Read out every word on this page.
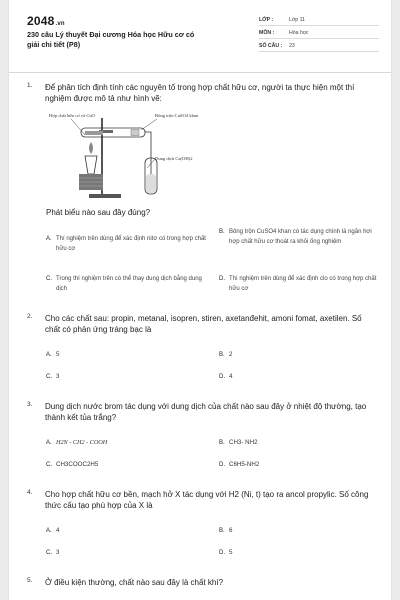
2048.vn
230 câu Lý thuyết Đại cương Hóa học Hữu cơ có giải chi tiết (P8)
LỚP :	Lớp 11
MÔN :	Hóa học
SỐ CÂU :	23
1. Để phân tích định tính các nguyên tố trong hợp chất hữu cơ, người ta thực hiện một thí nghiệm được mô tả như hình vẽ:
Hợp chất hữu cơ và CuO	Bông trộn CuSO4 khan
Dung dịch Ca(OH)2
Phát biểu nào sau đây đúng?
A. Thí nghiệm trên dùng để xác định nitơ có trong hợp chất hữu cơ
B. Bông trộn CuSO4 khan có tác dụng chính là ngăn hơi hợp chất hữu cơ thoát ra khỏi ống nghiệm
C. Trong thí nghiệm trên có thể thay dung dịch bằng dung dịch
D. Thí nghiệm trên dùng để xác định clo có trong hợp chất hữu cơ
2. Cho các chất sau: propin, metanal, isopren, stiren, axetanđehit, amoni fomat, axetilen. Số chất có phản ứng tráng bạc là
A. 5	B. 2
C. 3	D. 4
3. Dung dịch nước brom tác dụng với dung dịch của chất nào sau đây ở nhiệt độ thường, tạo thành kết tủa trắng?
A. H2N - CH2 - COOH	B. CH3- NH2
C. CH3COOC2H5	D. C6H5-NH2
4. Cho hợp chất hữu cơ bền, mạch hở X tác dụng với H2 (Ni, t) tạo ra ancol propylic. Số công thức cấu tạo phù hợp của X là
A. 4	B. 6
C. 3	D. 5
5. Ở điều kiện thường, chất nào sau đây là chất khí?
